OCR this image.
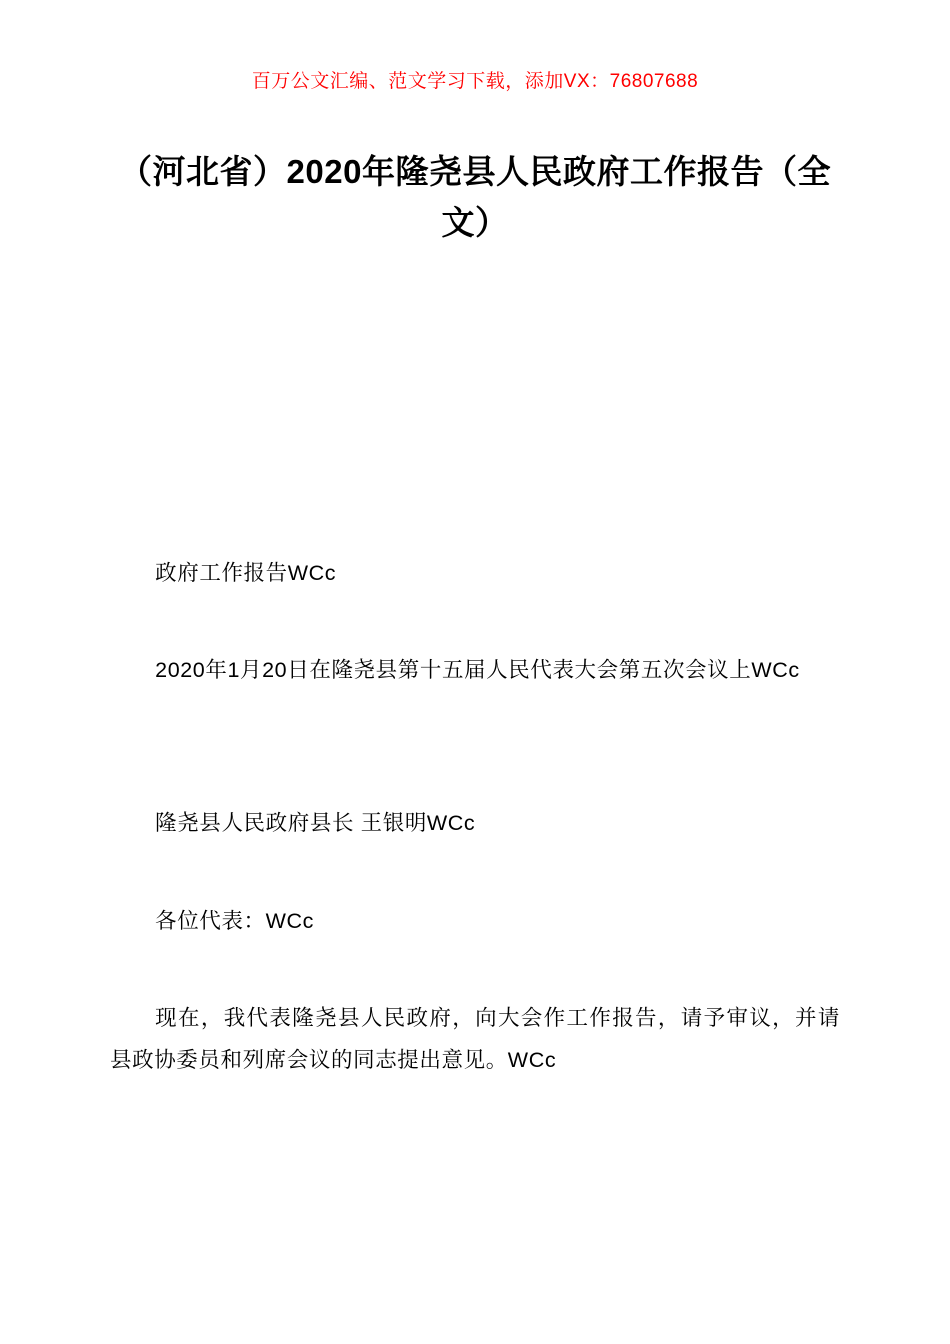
百万公文汇编、范文学习下载，添加VX：76807688
（河北省）2020年隆尧县人民政府工作报告（全文）

政府工作报告WCc

2020年1月20日在隆尧县第十五届人民代表大会第五次会议上WCc

隆尧县人民政府县长 王银明WCc

各位代表：WCc

现在，我代表隆尧县人民政府，向大会作工作报告，请予审议，并请县政协委员和列席会议的同志提出意见。WCc
